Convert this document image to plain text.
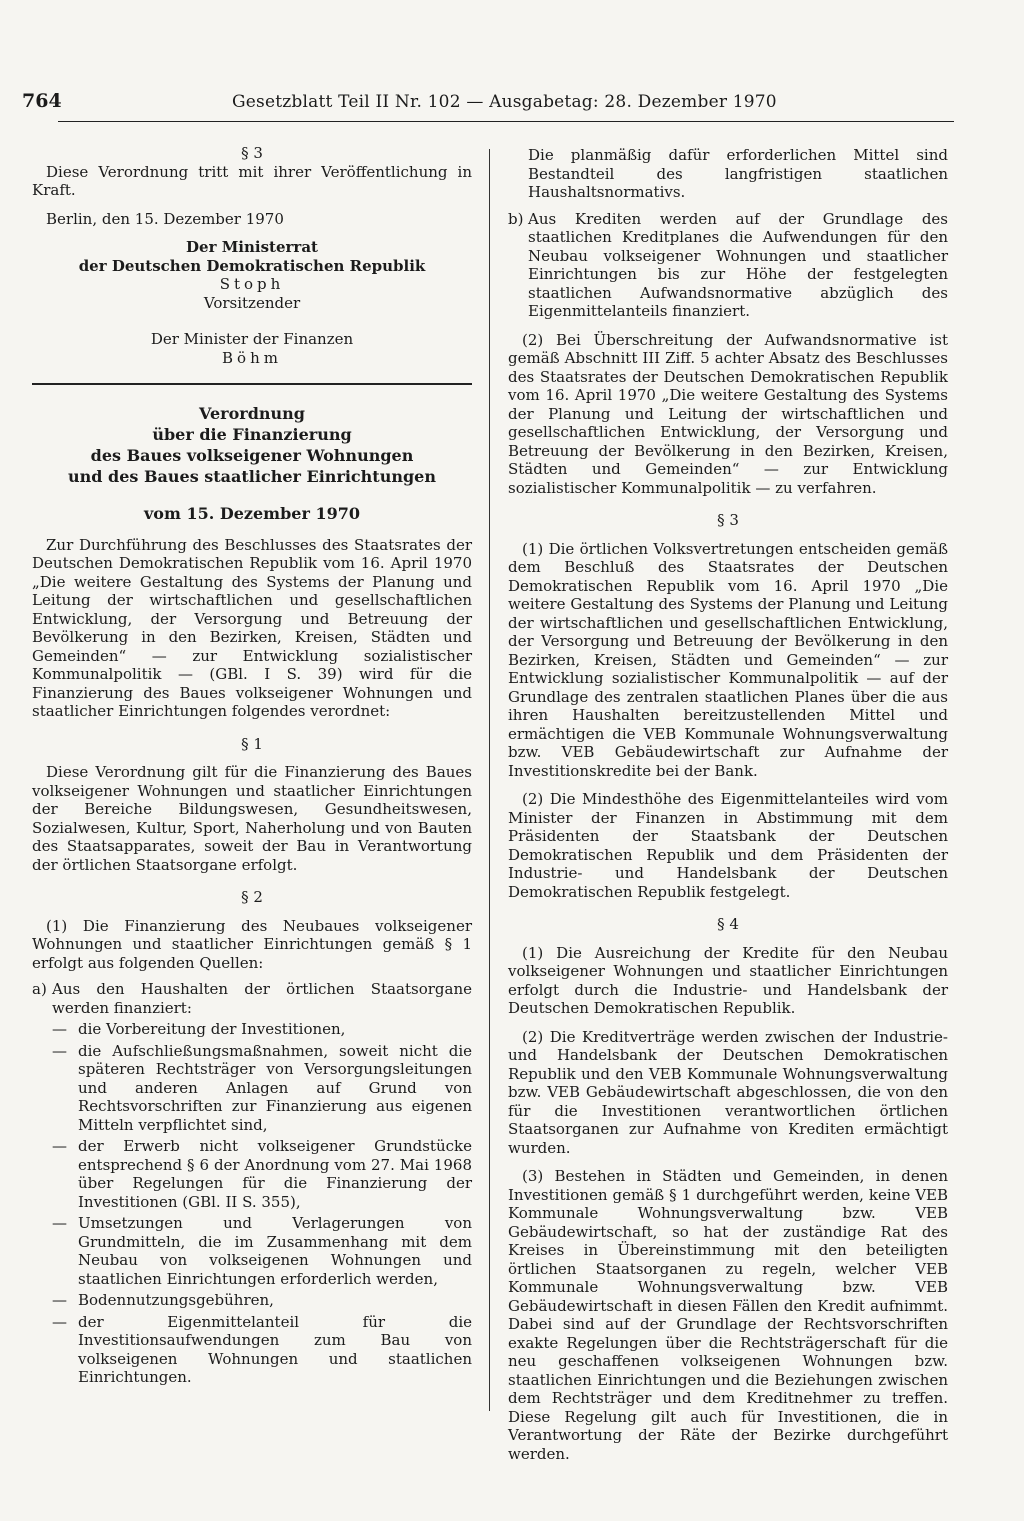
764	Gesetzblatt Teil II Nr. 102 — Ausgabetag: 28. Dezember 1970

§ 3

Diese Verordnung tritt mit ihrer Veröffentlichung in Kraft.

Berlin, den 15. Dezember 1970

Der Ministerrat

der Deutschen Demokratischen Republik

Stoph

Vorsitzender

Der Minister der Finanzen

Böhm

Verordnung

über die Finanzierung

des Baues volkseigener Wohnungen

und des Baues staatlicher Einrichtungen

vom 15. Dezember 1970

Zur Durchführung des Beschlusses des Staatsrates der Deutschen Demokratischen Republik vom 16. April 1970 „Die weitere Gestaltung des Systems der Planung und Leitung der wirtschaftlichen und gesellschaftlichen Entwicklung, der Versorgung und Betreuung der Bevölkerung in den Bezirken, Kreisen, Städten und Gemeinden“ — zur Entwicklung sozialistischer Kommunalpolitik — (GBl. I S. 39) wird für die Finanzierung des Baues volkseigener Wohnungen und staatlicher Einrichtungen folgendes verordnet:

§ 1

Diese Verordnung gilt für die Finanzierung des Baues volkseigener Wohnungen und staatlicher Einrichtungen der Bereiche Bildungswesen, Gesundheitswesen, Sozialwesen, Kultur, Sport, Naherholung und von Bauten des Staatsapparates, soweit der Bau in Verantwortung der örtlichen Staatsorgane erfolgt.

§ 2

(1) Die Finanzierung des Neubaues volkseigener Wohnungen und staatlicher Einrichtungen gemäß § 1 erfolgt aus folgenden Quellen:

a) Aus den Haushalten der örtlichen Staatsorgane werden finanziert:
— die Vorbereitung der Investitionen,
— die Aufschließungsmaßnahmen, soweit nicht die späteren Rechtsträger von Versorgungsleitungen und anderen Anlagen auf Grund von Rechtsvorschriften zur Finanzierung aus eigenen Mitteln verpflichtet sind,
— der Erwerb nicht volkseigener Grundstücke entsprechend § 6 der Anordnung vom 27. Mai 1968 über Regelungen für die Finanzierung der Investitionen (GBl. II S. 355),
— Umsetzungen und Verlagerungen von Grundmitteln, die im Zusammenhang mit dem Neubau von volkseigenen Wohnungen und staatlichen Einrichtungen erforderlich werden,
— Bodennutzungsgebühren,
— der Eigenmittelanteil für die Investitionsaufwendungen zum Bau von volkseigenen Wohnungen und staatlichen Einrichtungen.

Die planmäßig dafür erforderlichen Mittel sind Bestandteil des langfristigen staatlichen Haushaltsnormativs.

b) Aus Krediten werden auf der Grundlage des staatlichen Kreditplanes die Aufwendungen für den Neubau volkseigener Wohnungen und staatlicher Einrichtungen bis zur Höhe der festgelegten staatlichen Aufwandsnormative abzüglich des Eigenmittelanteils finanziert.

(2) Bei Überschreitung der Aufwandsnormative ist gemäß Abschnitt III Ziff. 5 achter Absatz des Beschlusses des Staatsrates der Deutschen Demokratischen Republik vom 16. April 1970 „Die weitere Gestaltung des Systems der Planung und Leitung der wirtschaftlichen und gesellschaftlichen Entwicklung, der Versorgung und Betreuung der Bevölkerung in den Bezirken, Kreisen, Städten und Gemeinden“ — zur Entwicklung sozialistischer Kommunalpolitik — zu verfahren.

§ 3

(1) Die örtlichen Volksvertretungen entscheiden gemäß dem Beschluß des Staatsrates der Deutschen Demokratischen Republik vom 16. April 1970 „Die weitere Gestaltung des Systems der Planung und Leitung der wirtschaftlichen und gesellschaftlichen Entwicklung, der Versorgung und Betreuung der Bevölkerung in den Bezirken, Kreisen, Städten und Gemeinden“ — zur Entwicklung sozialistischer Kommunalpolitik — auf der Grundlage des zentralen staatlichen Planes über die aus ihren Haushalten bereitzustellenden Mittel und ermächtigen die VEB Kommunale Wohnungsverwaltung bzw. VEB Gebäudewirtschaft zur Aufnahme der Investitionskredite bei der Bank.

(2) Die Mindesthöhe des Eigenmittelanteiles wird vom Minister der Finanzen in Abstimmung mit dem Präsidenten der Staatsbank der Deutschen Demokratischen Republik und dem Präsidenten der Industrie- und Handelsbank der Deutschen Demokratischen Republik festgelegt.

§ 4

(1) Die Ausreichung der Kredite für den Neubau volkseigener Wohnungen und staatlicher Einrichtungen erfolgt durch die Industrie- und Handelsbank der Deutschen Demokratischen Republik.

(2) Die Kreditverträge werden zwischen der Industrie- und Handelsbank der Deutschen Demokratischen Republik und den VEB Kommunale Wohnungsverwaltung bzw. VEB Gebäudewirtschaft abgeschlossen, die von den für die Investitionen verantwortlichen örtlichen Staatsorganen zur Aufnahme von Krediten ermächtigt wurden.

(3) Bestehen in Städten und Gemeinden, in denen Investitionen gemäß § 1 durchgeführt werden, keine VEB Kommunale Wohnungsverwaltung bzw. VEB Gebäudewirtschaft, so hat der zuständige Rat des Kreises in Übereinstimmung mit den beteiligten örtlichen Staatsorganen zu regeln, welcher VEB Kommunale Wohnungsverwaltung bzw. VEB Gebäudewirtschaft in diesen Fällen den Kredit aufnimmt. Dabei sind auf der Grundlage der Rechtsvorschriften exakte Regelungen über die Rechtsträgerschaft für die neu geschaffenen volkseigenen Wohnungen bzw. staatlichen Einrichtungen und die Beziehungen zwischen dem Rechtsträger und dem Kreditnehmer zu treffen. Diese Regelung gilt auch für Investitionen, die in Verantwortung der Räte der Bezirke durchgeführt werden.
